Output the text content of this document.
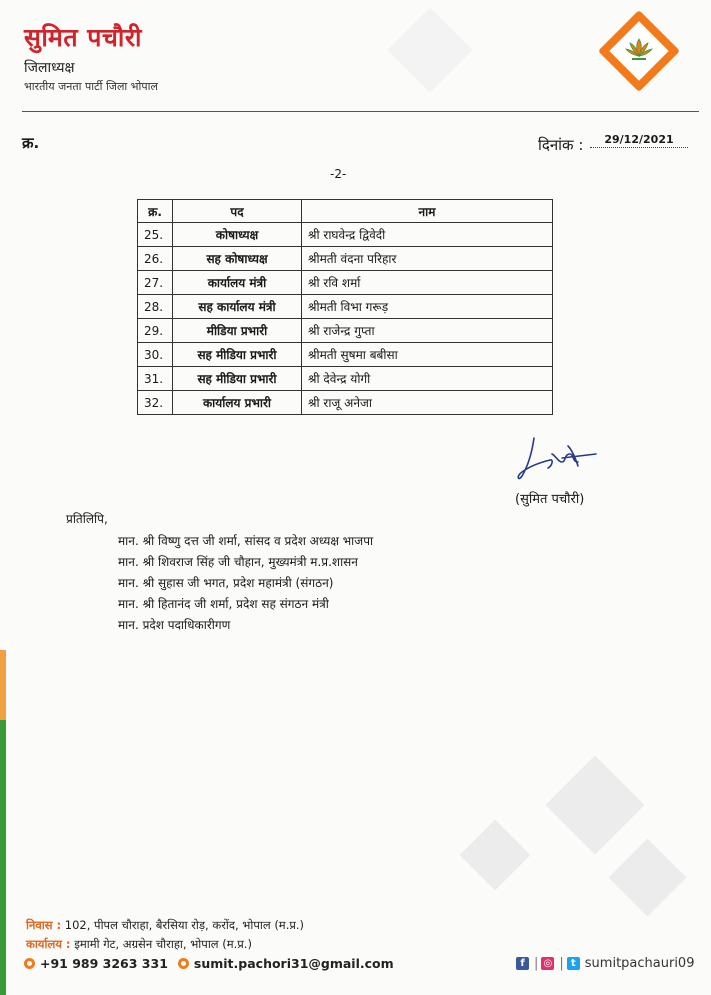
सुमित पचौरी
जिलाध्यक्ष
भारतीय जनता पार्टी जिला भोपाल
क्र.	दिनांक :	29/12/2021
-2-
क्र.	पद	नाम
25.	कोषाध्यक्ष	श्री राघवेन्द्र द्विवेदी
26.	सह कोषाध्यक्ष	श्रीमती वंदना परिहार
27.	कार्यालय मंत्री	श्री रवि शर्मा
28.	सह कार्यालय मंत्री	श्रीमती विभा गरूड़
29.	मीडिया प्रभारी	श्री राजेन्द्र गुप्ता
30.	सह मीडिया प्रभारी	श्रीमती सुषमा बबीसा
31.	सह मीडिया प्रभारी	श्री देवेन्द्र योगी
32.	कार्यालय प्रभारी	श्री राजू अनेजा
(सुमित पचौरी)
प्रतिलिपि,
मान. श्री विष्णु दत्त जी शर्मा, सांसद व प्रदेश अध्यक्ष भाजपा
मान. श्री शिवराज सिंह जी चौहान, मुख्यमंत्री म.प्र.शासन
मान. श्री सुहास जी भगत, प्रदेश महामंत्री (संगठन)
मान. श्री हितानंद जी शर्मा, प्रदेश सह संगठन मंत्री
मान. प्रदेश पदाधिकारीगण
निवास : 102, पीपल चौराहा, बैरसिया रोड़, करोंद, भोपाल (म.प्र.)
कार्यालय : इमामी गेट, अग्रसेन चौराहा, भोपाल (म.प्र.)
+91 989 3263 331 sumit.pachori31@gmail.com	f | ◎ | t sumitpachauri09
